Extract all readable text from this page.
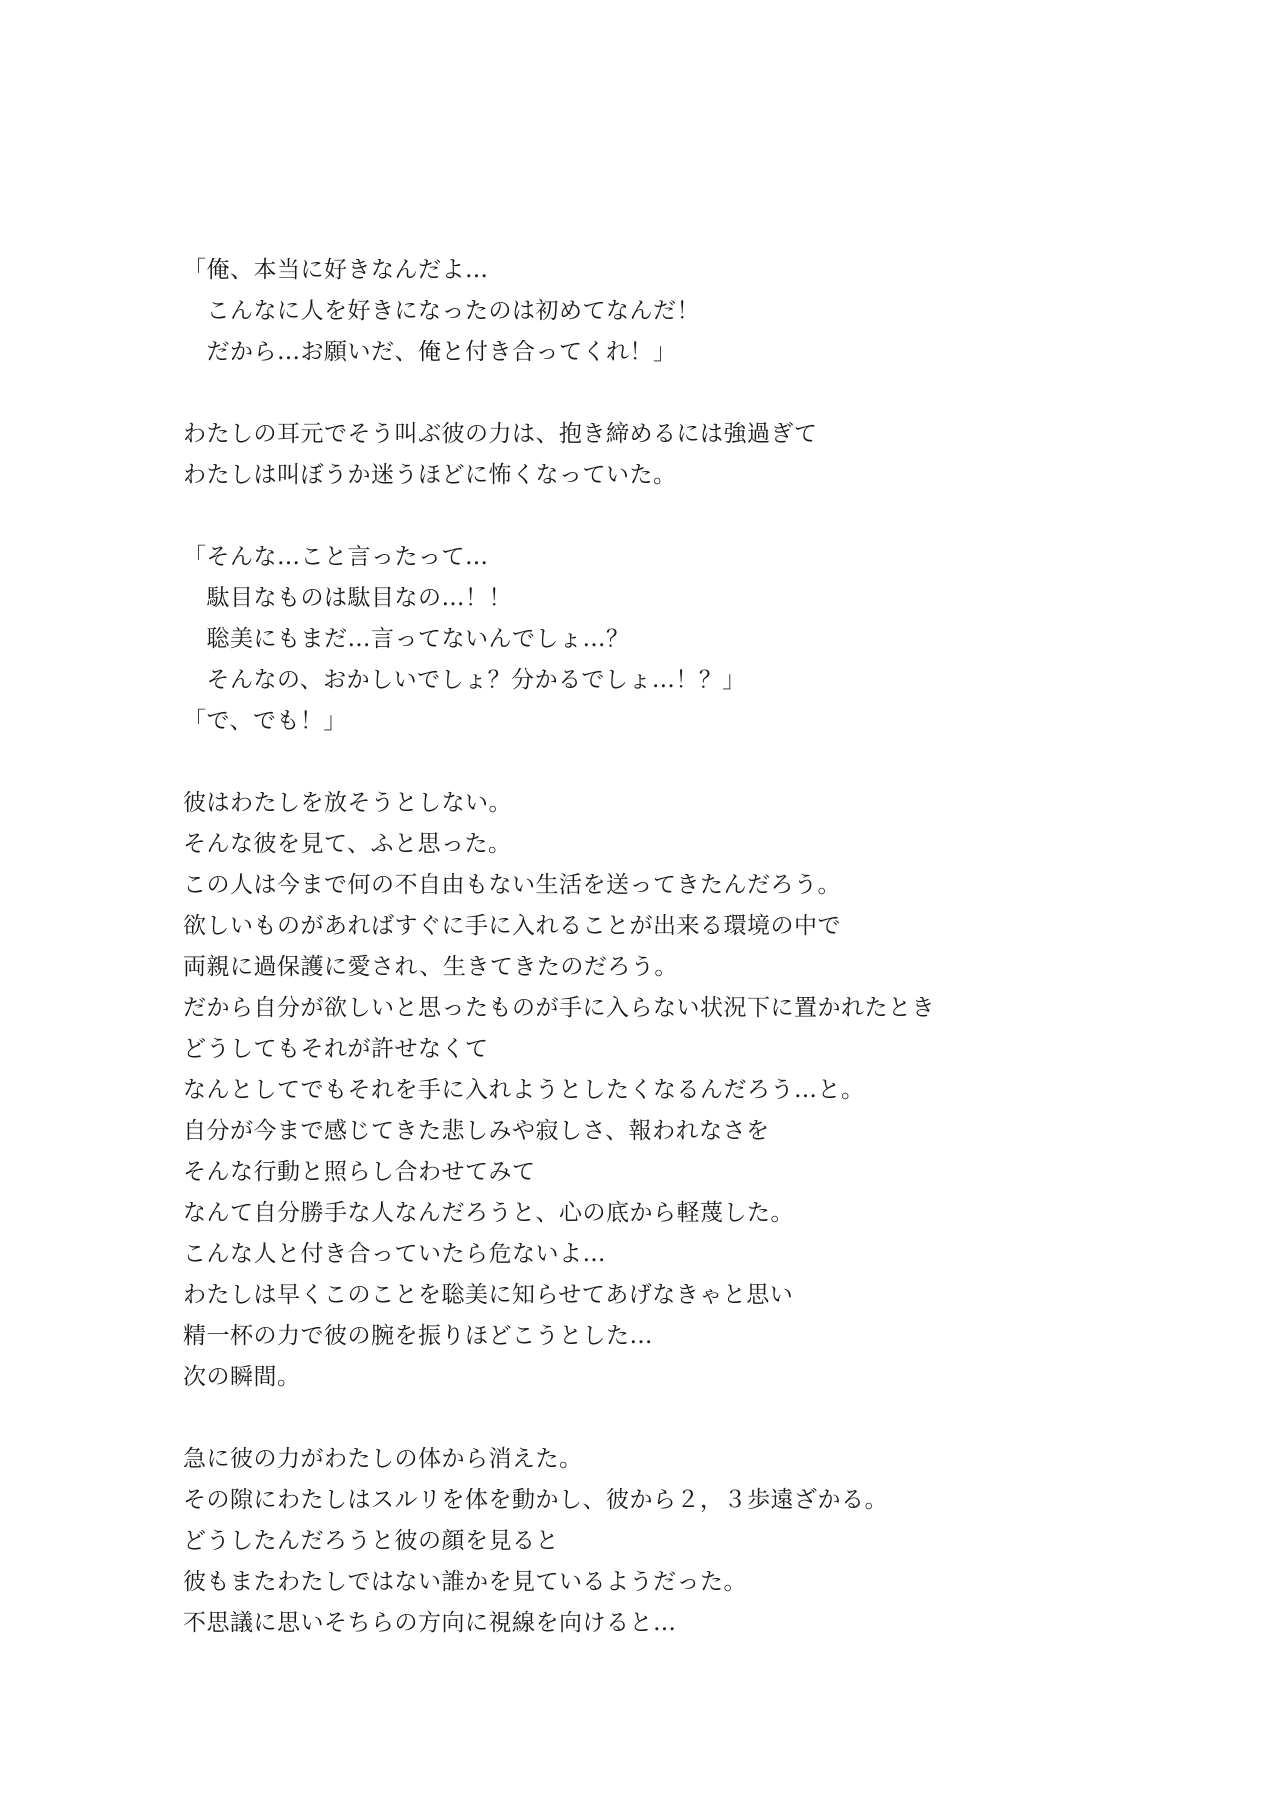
「俺、本当に好きなんだよ…
　こんなに人を好きになったのは初めてなんだ！
　だから…お願いだ、俺と付き合ってくれ！」
わたしの耳元でそう叫ぶ彼の力は、抱き締めるには強過ぎて
わたしは叫ぼうか迷うほどに怖くなっていた。
「そんな…こと言ったって…
　駄目なものは駄目なの…！！
　聡美にもまだ…言ってないんでしょ…？
　そんなの、おかしいでしょ？分かるでしょ…！？」
「で、でも！」
彼はわたしを放そうとしない。
そんな彼を見て、ふと思った。
この人は今まで何の不自由もない生活を送ってきたんだろう。
欲しいものがあればすぐに手に入れることが出来る環境の中で
両親に過保護に愛され、生きてきたのだろう。
だから自分が欲しいと思ったものが手に入らない状況下に置かれたとき
どうしてもそれが許せなくて
なんとしてでもそれを手に入れようとしたくなるんだろう…と。
自分が今まで感じてきた悲しみや寂しさ、報われなさを
そんな行動と照らし合わせてみて
なんて自分勝手な人なんだろうと、心の底から軽蔑した。
こんな人と付き合っていたら危ないよ…
わたしは早くこのことを聡美に知らせてあげなきゃと思い
精一杯の力で彼の腕を振りほどこうとした…
次の瞬間。
急に彼の力がわたしの体から消えた。
その隙にわたしはスルリを体を動かし、彼から２，３歩遠ざかる。
どうしたんだろうと彼の顔を見ると
彼もまたわたしではない誰かを見ているようだった。
不思議に思いそちらの方向に視線を向けると…
